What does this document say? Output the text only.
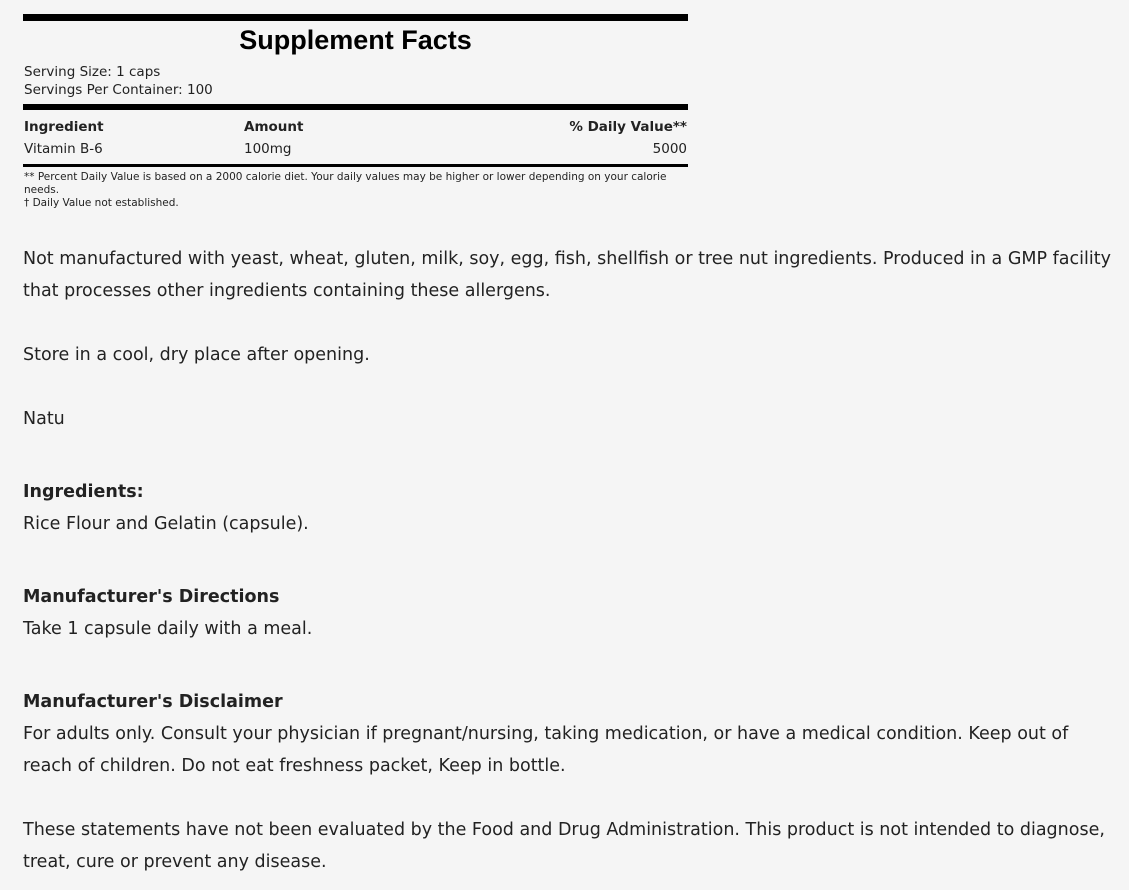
Supplement Facts
Serving Size: 1 caps
Servings Per Container: 100
Ingredient	Amount	% Daily Value**
Vitamin B-6	100mg	5000
** Percent Daily Value is based on a 2000 calorie diet. Your daily values may be higher or lower depending on your calorie needs.
† Daily Value not established.

Not manufactured with yeast, wheat, gluten, milk, soy, egg, fish, shellfish or tree nut ingredients. Produced in a GMP facility that processes other ingredients containing these allergens.

Store in a cool, dry place after opening.

Natu

Ingredients:

Rice Flour and Gelatin (capsule).

Manufacturer's Directions

Take 1 capsule daily with a meal.

Manufacturer's Disclaimer

For adults only. Consult your physician if pregnant/nursing, taking medication, or have a medical condition. Keep out of reach of children. Do not eat freshness packet, Keep in bottle.

These statements have not been evaluated by the Food and Drug Administration. This product is not intended to diagnose, treat, cure or prevent any disease.
